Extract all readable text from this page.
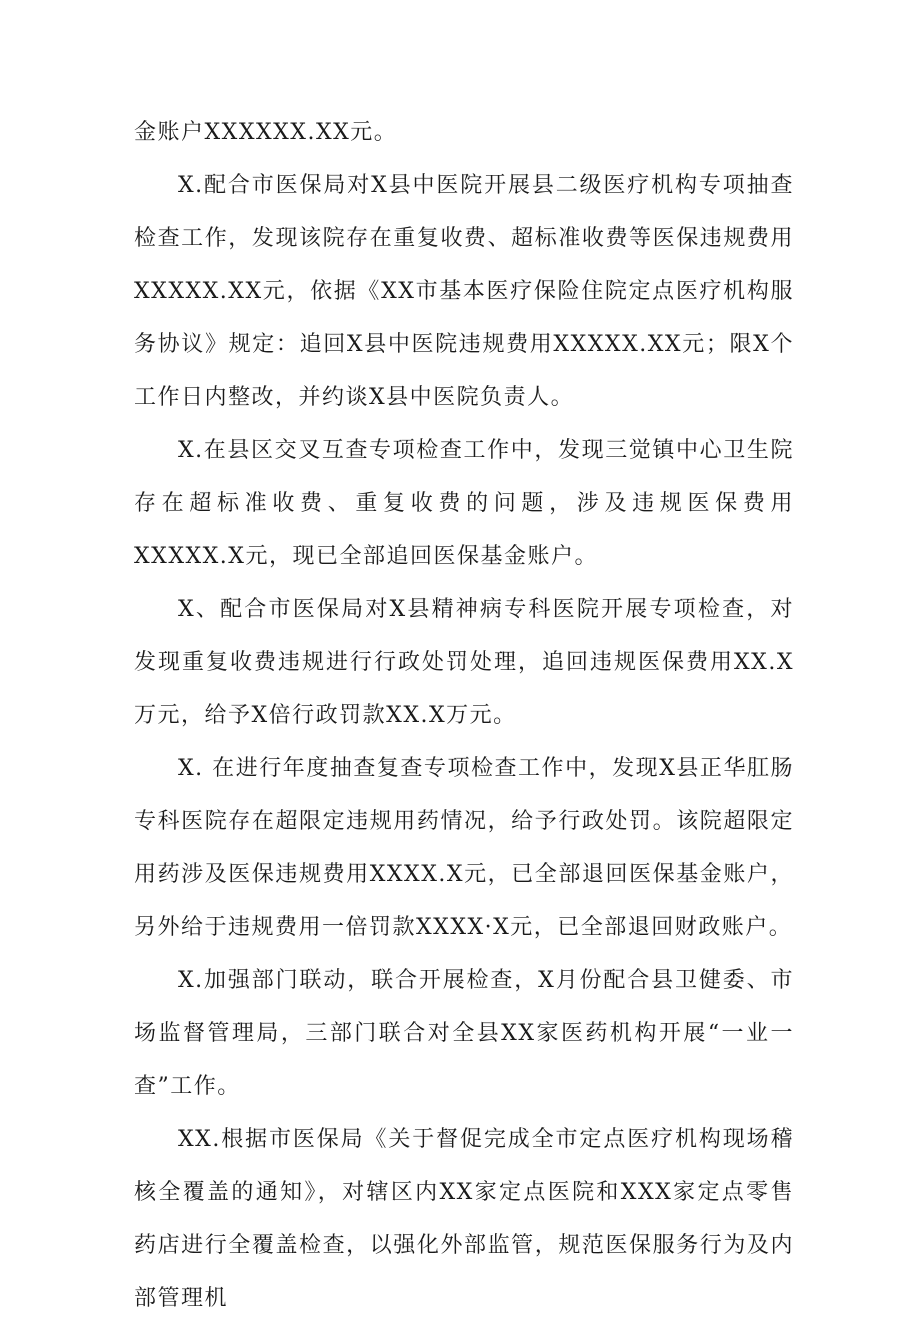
金账户XXXXXX.XX元。

X.配合市医保局对X县中医院开展县二级医疗机构专项抽查检查工作，发现该院存在重复收费、超标准收费等医保违规费用XXXXX.XX元，依据《XX市基本医疗保险住院定点医疗机构服务协议》规定：追回X县中医院违规费用XXXXX.XX元；限X个工作日内整改，并约谈X县中医院负责人。

X.在县区交叉互查专项检查工作中，发现三觉镇中心卫生院存在超标准收费、重复收费的问题，涉及违规医保费用XXXXX.X元，现已全部追回医保基金账户。

X、配合市医保局对X县精神病专科医院开展专项检查，对发现重复收费违规进行行政处罚处理，追回违规医保费用XX.X万元，给予X倍行政罚款XX.X万元。

X. 在进行年度抽查复查专项检查工作中，发现X县正华肛肠专科医院存在超限定违规用药情况，给予行政处罚。该院超限定用药涉及医保违规费用XXXX.X元，已全部退回医保基金账户，另外给于违规费用一倍罚款XXXX·X元，已全部退回财政账户。

X.加强部门联动，联合开展检查，X月份配合县卫健委、市场监督管理局，三部门联合对全县XX家医药机构开展“一业一查”工作。

XX.根据市医保局《关于督促完成全市定点医疗机构现场稽核全覆盖的通知》，对辖区内XX家定点医院和XXX家定点零售药店进行全覆盖检查，以强化外部监管，规范医保服务行为及内部管理机
